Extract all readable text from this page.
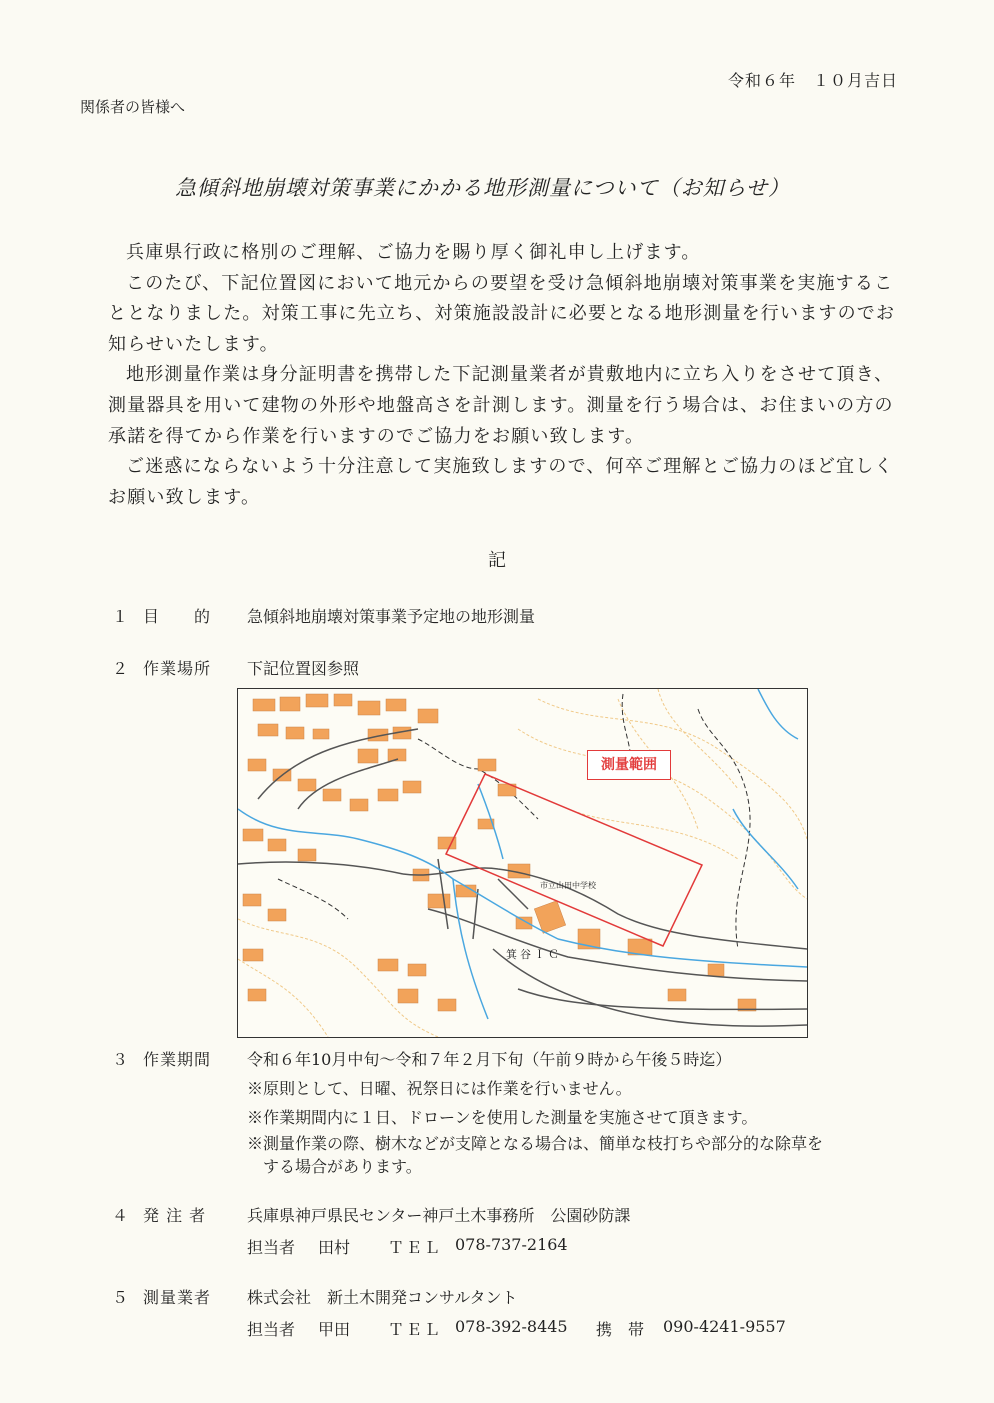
令和６年　１０月吉日
関係者の皆様へ
急傾斜地崩壊対策事業にかかる地形測量について（お知らせ）

兵庫県行政に格別のご理解、ご協力を賜り厚く御礼申し上げます。

このたび、下記位置図において地元からの要望を受け急傾斜地崩壊対策事業を実施することとなりました。対策工事に先立ち、対策施設設計に必要となる地形測量を行いますのでお知らせいたします。

地形測量作業は身分証明書を携帯した下記測量業者が貴敷地内に立ち入りをさせて頂き、測量器具を用いて建物の外形や地盤高さを計測します。測量を行う場合は、お住まいの方の承諾を得てから作業を行いますのでご協力をお願い致します。

ご迷惑にならないよう十分注意して実施致しますので、何卒ご理解とご協力のほど宜しくお願い致します。

記
１ 目　　的 急傾斜地崩壊対策事業予定地の地形測量
２ 作業場所 下記位置図参照
測量範囲
市立山田中学校
箕谷ＩＣ
３ 作業期間 令和６年10月中旬～令和７年２月下旬（午前９時から午後５時迄）
※原則として、日曜、祝祭日には作業を行いません。
※作業期間内に１日、ドローンを使用した測量を実施させて頂きます。
※測量作業の際、樹木などが支障となる場合は、簡単な枝打ちや部分的な除草を
する場合があります。
４ 発 注 者	兵庫県神戸県民センター神戸土木事務所　公園砂防課
担当者 田村 ＴＥＬ 078-737-2164
５ 測量業者 株式会社　新土木開発コンサルタント
担当者 甲田 ＴＥＬ 078-392-8445 携　帯 090-4241-9557
